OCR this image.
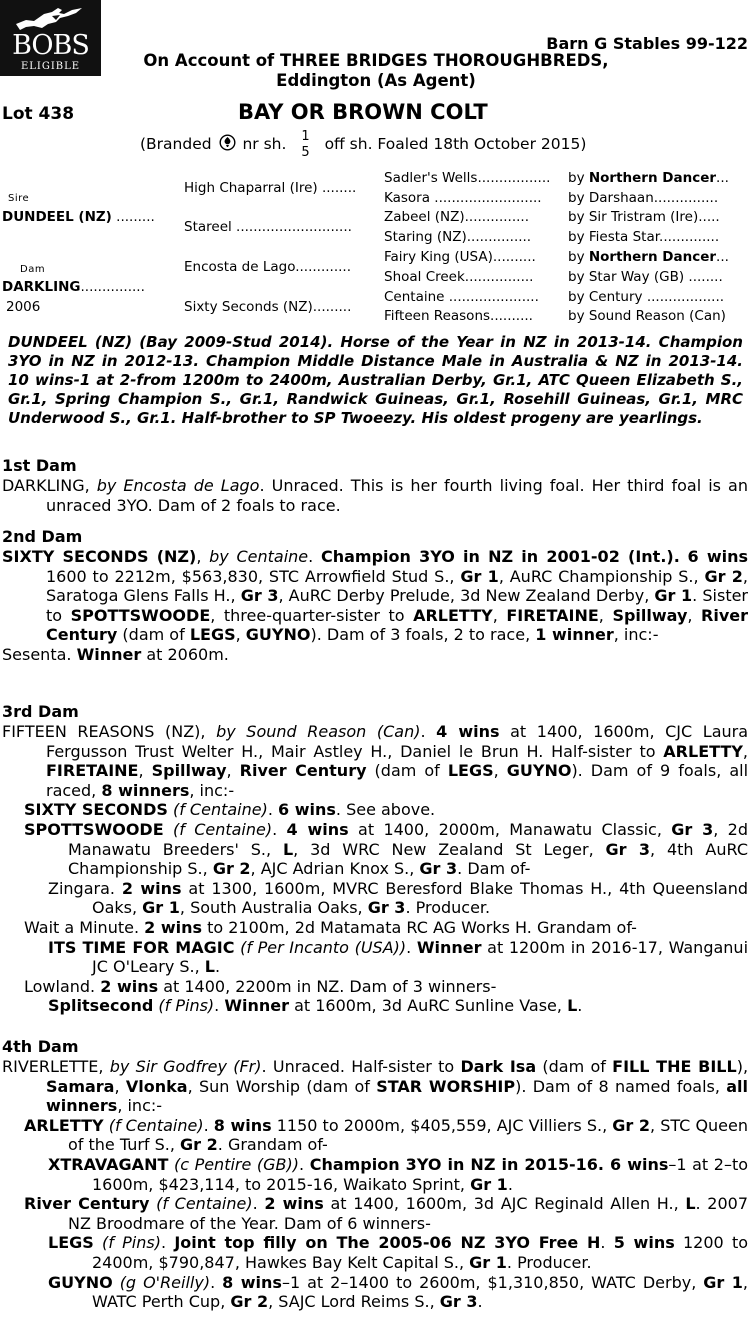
BOBS
ELIGIBLE
Barn G Stables 99-122
On Account of THREE BRIDGES THOROUGHBREDS,
Eddington (As Agent)
Lot 438	BAY OR BROWN COLT
(Branded nr sh. 1
5 off sh. Foaled 18th October 2015)
Sire
DUNDEEL (NZ) .........
Dam
DARKLING...............
2006
High Chaparral (Ire) ........
Stareel ...........................
Encosta de Lago.............
Sixty Seconds (NZ).........
Sadler's Wells.................
Kasora .........................
Zabeel (NZ)...............
Staring (NZ)...............
Fairy King (USA)..........
Shoal Creek................
Centaine .....................
Fifteen Reasons..........
by Northern Dancer...
by Darshaan...............
by Sir Tristram (Ire).....
by Fiesta Star..............
by Northern Dancer...
by Star Way (GB) ........
by Century ..................
by Sound Reason (Can)
DUNDEEL (NZ) (Bay 2009-Stud 2014). Horse of the Year in NZ in 2013-14. Champion 3YO in NZ in 2012-13. Champion Middle Distance Male in Australia & NZ in 2013-14. 10 wins-1 at 2-from 1200m to 2400m, Australian Derby, Gr.1, ATC Queen Elizabeth S., Gr.1, Spring Champion S., Gr.1, Randwick Guineas, Gr.1, Rosehill Guineas, Gr.1, MRC Underwood S., Gr.1. Half-brother to SP Twoeezy. His oldest progeny are yearlings.
1st Dam

DARKLING, by Encosta de Lago. Unraced. This is her fourth living foal. Her third foal is an unraced 3YO. Dam of 2 foals to race.

2nd Dam

SIXTY SECONDS (NZ), by Centaine. Champion 3YO in NZ in 2001-02 (Int.). 6 wins 1600 to 2212m, $563,830, STC Arrowfield Stud S., Gr 1, AuRC Championship S., Gr 2, Saratoga Glens Falls H., Gr 3, AuRC Derby Prelude, 3d New Zealand Derby, Gr 1. Sister to SPOTTSWOODE, three-quarter-sister to ARLETTY, FIRETAINE, Spillway, River Century (dam of LEGS, GUYNO). Dam of 3 foals, 2 to race, 1 winner, inc:-

Sesenta. Winner at 2060m.

3rd Dam

FIFTEEN REASONS (NZ), by Sound Reason (Can). 4 wins at 1400, 1600m, CJC Laura Fergusson Trust Welter H., Mair Astley H., Daniel le Brun H. Half-sister to ARLETTY, FIRETAINE, Spillway, River Century (dam of LEGS, GUYNO). Dam of 9 foals, all raced, 8 winners, inc:-

SIXTY SECONDS (f Centaine). 6 wins. See above.

SPOTTSWOODE (f Centaine). 4 wins at 1400, 2000m, Manawatu Classic, Gr 3, 2d Manawatu Breeders' S., L, 3d WRC New Zealand St Leger, Gr 3, 4th AuRC Championship S., Gr 2, AJC Adrian Knox S., Gr 3. Dam of-

Zingara. 2 wins at 1300, 1600m, MVRC Beresford Blake Thomas H., 4th Queensland Oaks, Gr 1, South Australia Oaks, Gr 3. Producer.

Wait a Minute. 2 wins to 2100m, 2d Matamata RC AG Works H. Grandam of-

ITS TIME FOR MAGIC (f Per Incanto (USA)). Winner at 1200m in 2016-17, Wanganui JC O'Leary S., L.

Lowland. 2 wins at 1400, 2200m in NZ. Dam of 3 winners-

Splitsecond (f Pins). Winner at 1600m, 3d AuRC Sunline Vase, L.

4th Dam

RIVERLETTE, by Sir Godfrey (Fr). Unraced. Half-sister to Dark Isa (dam of FILL THE BILL), Samara, Vlonka, Sun Worship (dam of STAR WORSHIP). Dam of 8 named foals, all winners, inc:-

ARLETTY (f Centaine). 8 wins 1150 to 2000m, $405,559, AJC Villiers S., Gr 2, STC Queen of the Turf S., Gr 2. Grandam of-

XTRAVAGANT (c Pentire (GB)). Champion 3YO in NZ in 2015-16. 6 wins–1 at 2–to 1600m, $423,114, to 2015-16, Waikato Sprint, Gr 1.

River Century (f Centaine). 2 wins at 1400, 1600m, 3d AJC Reginald Allen H., L. 2007 NZ Broodmare of the Year. Dam of 6 winners-

LEGS (f Pins). Joint top filly on The 2005-06 NZ 3YO Free H. 5 wins 1200 to 2400m, $790,847, Hawkes Bay Kelt Capital S., Gr 1. Producer.

GUYNO (g O'Reilly). 8 wins–1 at 2–1400 to 2600m, $1,310,850, WATC Derby, Gr 1, WATC Perth Cup, Gr 2, SAJC Lord Reims S., Gr 3.
